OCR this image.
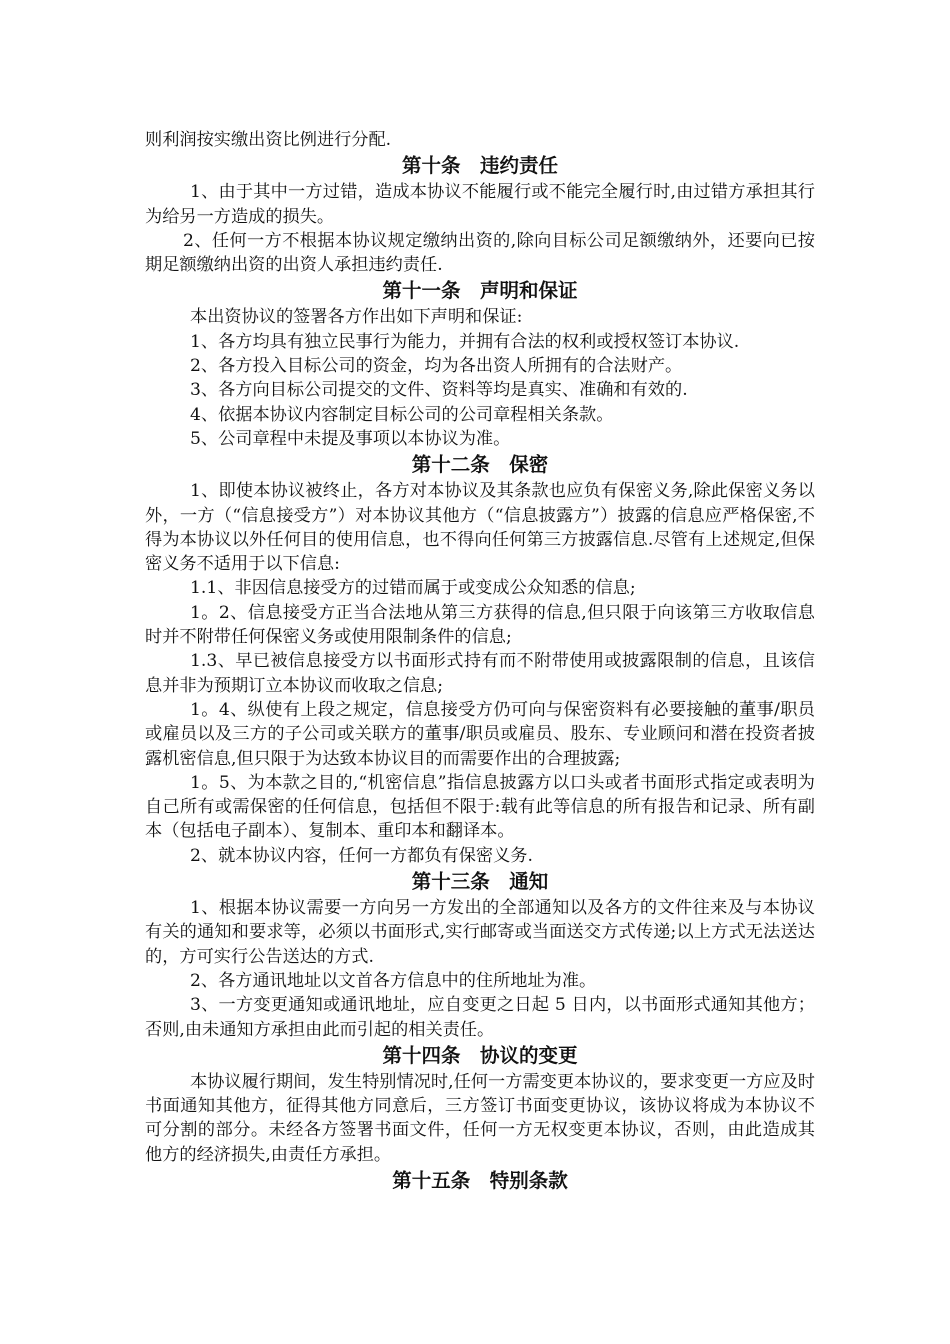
则利润按实缴出资比例进行分配.

第十条　违约责任

1、由于其中一方过错，造成本协议不能履行或不能完全履行时,由过错方承担其行为给另一方造成的损失。

2、任何一方不根据本协议规定缴纳出资的,除向目标公司足额缴纳外，还要向已按期足额缴纳出资的出资人承担违约责任.

第十一条　声明和保证

本出资协议的签署各方作出如下声明和保证:

1、各方均具有独立民事行为能力，并拥有合法的权利或授权签订本协议.

2、各方投入目标公司的资金，均为各出资人所拥有的合法财产。

3、各方向目标公司提交的文件、资料等均是真实、准确和有效的.

4、依据本协议内容制定目标公司的公司章程相关条款。

5、公司章程中未提及事项以本协议为准。

第十二条　保密

1、即使本协议被终止，各方对本协议及其条款也应负有保密义务,除此保密义务以外，一方（“信息接受方”）对本协议其他方（“信息披露方”）披露的信息应严格保密,不得为本协议以外任何目的使用信息，也不得向任何第三方披露信息.尽管有上述规定,但保密义务不适用于以下信息:

1.1、非因信息接受方的过错而属于或变成公众知悉的信息;

1。2、信息接受方正当合法地从第三方获得的信息,但只限于向该第三方收取信息时并不附带任何保密义务或使用限制条件的信息;

1.3、早已被信息接受方以书面形式持有而不附带使用或披露限制的信息，且该信息并非为预期订立本协议而收取之信息;

1。4、纵使有上段之规定，信息接受方仍可向与保密资料有必要接触的董事/职员或雇员以及三方的子公司或关联方的董事/职员或雇员、股东、专业顾问和潜在投资者披露机密信息,但只限于为达致本协议目的而需要作出的合理披露;

1。5、为本款之目的,“机密信息”指信息披露方以口头或者书面形式指定或表明为自己所有或需保密的任何信息，包括但不限于:载有此等信息的所有报告和记录、所有副本（包括电子副本）、复制本、重印本和翻译本。

2、就本协议内容，任何一方都负有保密义务.

第十三条　通知

1、根据本协议需要一方向另一方发出的全部通知以及各方的文件往来及与本协议有关的通知和要求等，必须以书面形式,实行邮寄或当面送交方式传递;以上方式无法送达的，方可实行公告送达的方式.

2、各方通讯地址以文首各方信息中的住所地址为准。

3、一方变更通知或通讯地址，应自变更之日起 5 日内，以书面形式通知其他方；否则,由未通知方承担由此而引起的相关责任。

第十四条　协议的变更

本协议履行期间，发生特别情况时,任何一方需变更本协议的，要求变更一方应及时书面通知其他方，征得其他方同意后，三方签订书面变更协议，该协议将成为本协议不可分割的部分。未经各方签署书面文件，任何一方无权变更本协议，否则，由此造成其他方的经济损失,由责任方承担。

第十五条　特别条款
